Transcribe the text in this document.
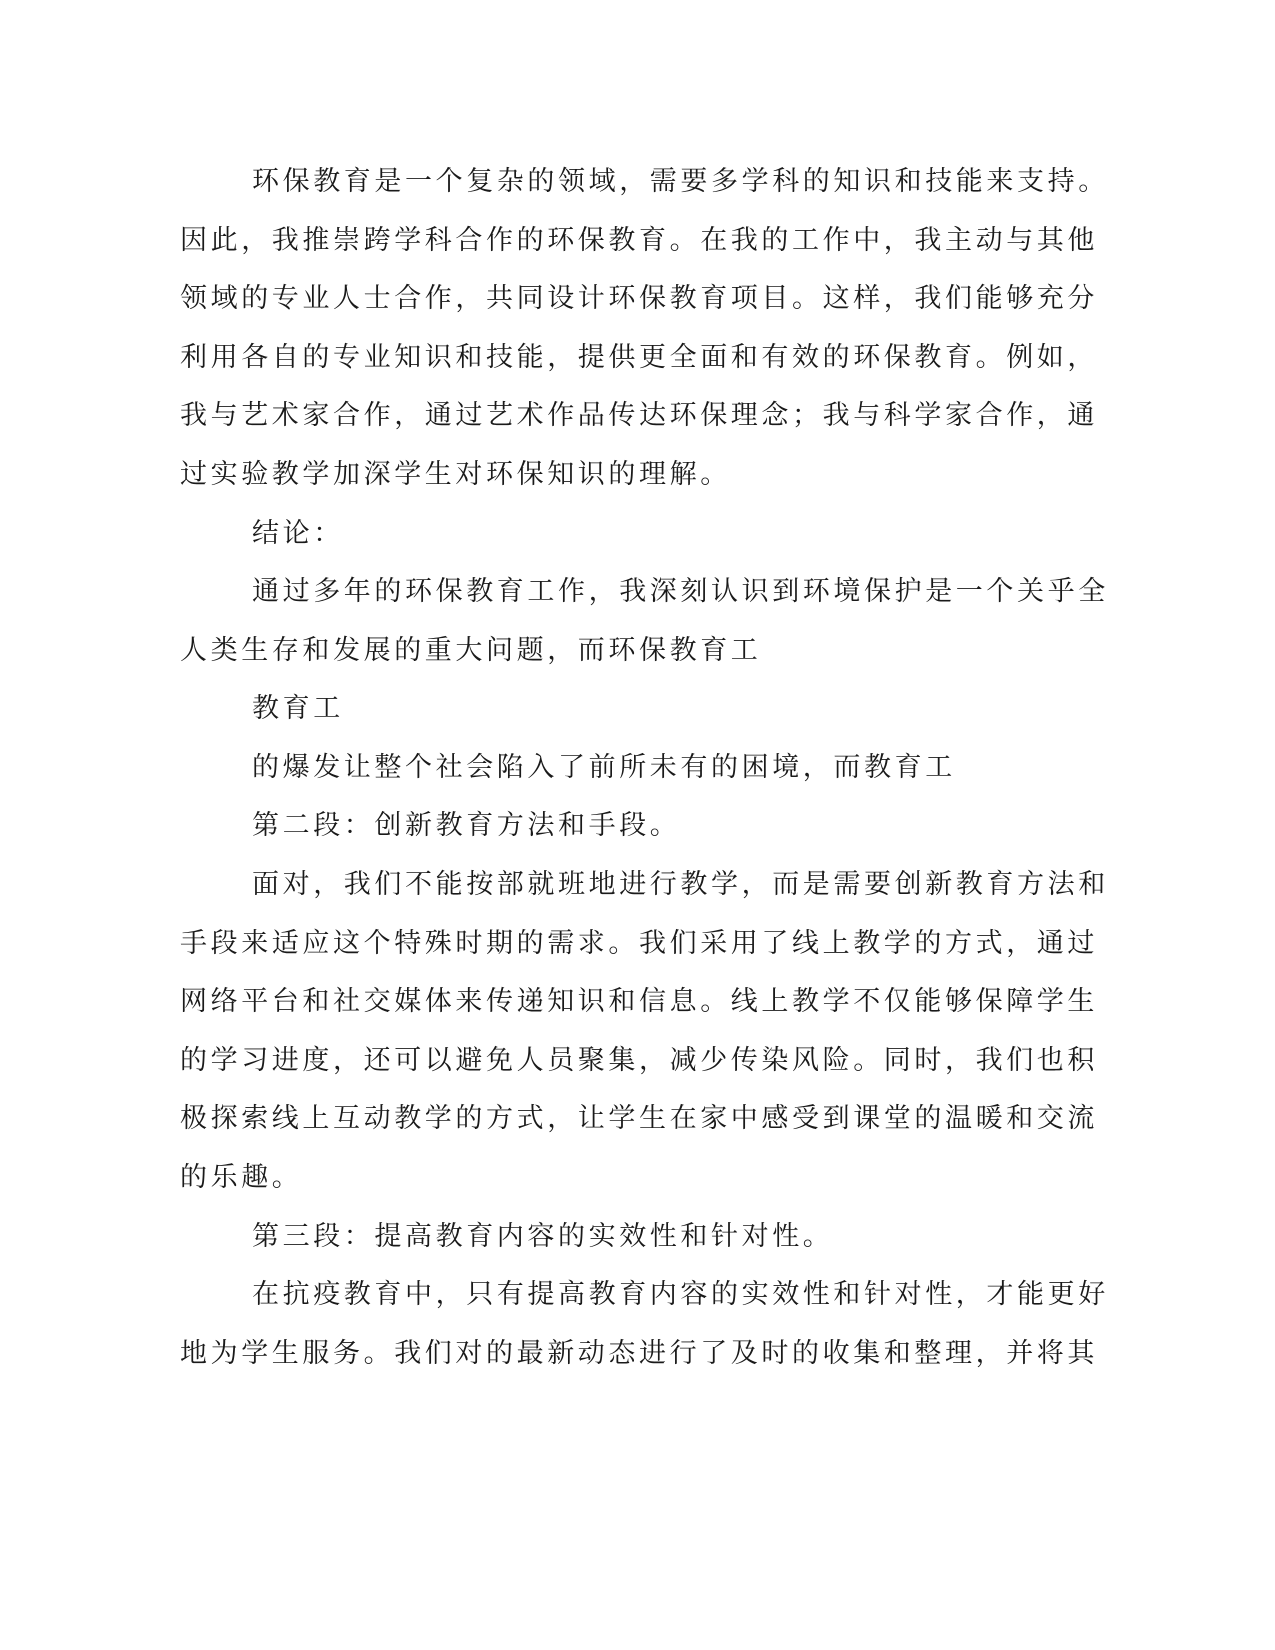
环保教育是一个复杂的领域，需要多学科的知识和技能来支持。
因此，我推崇跨学科合作的环保教育。在我的工作中，我主动与其他
领域的专业人士合作，共同设计环保教育项目。这样，我们能够充分
利用各自的专业知识和技能，提供更全面和有效的环保教育。例如，
我与艺术家合作，通过艺术作品传达环保理念；我与科学家合作，通
过实验教学加深学生对环保知识的理解。
结论：
通过多年的环保教育工作，我深刻认识到环境保护是一个关乎全
人类生存和发展的重大问题，而环保教育工
教育工
的爆发让整个社会陷入了前所未有的困境，而教育工
第二段：创新教育方法和手段。
面对，我们不能按部就班地进行教学，而是需要创新教育方法和
手段来适应这个特殊时期的需求。我们采用了线上教学的方式，通过
网络平台和社交媒体来传递知识和信息。线上教学不仅能够保障学生
的学习进度，还可以避免人员聚集，减少传染风险。同时，我们也积
极探索线上互动教学的方式，让学生在家中感受到课堂的温暖和交流
的乐趣。
第三段：提高教育内容的实效性和针对性。
在抗疫教育中，只有提高教育内容的实效性和针对性，才能更好
地为学生服务。我们对的最新动态进行了及时的收集和整理，并将其
